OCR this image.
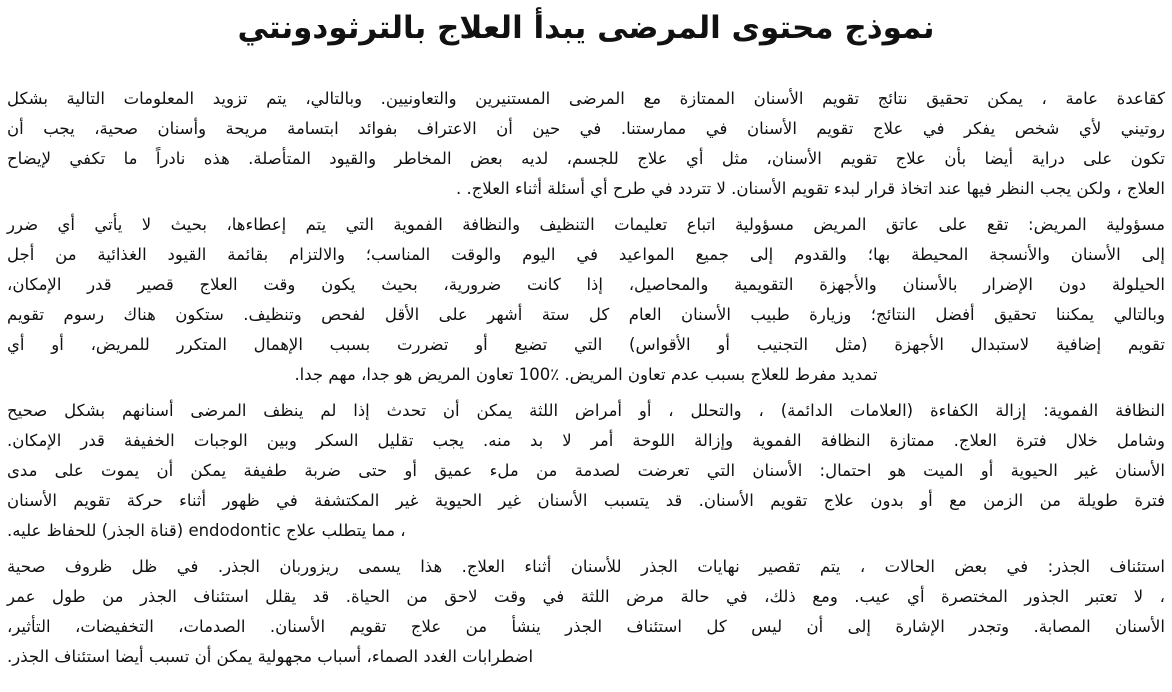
نموذج محتوى المرضى يبدأ العلاج بالترثودونتي
كقاعدة عامة ، يمكن تحقيق نتائج تقويم الأسنان الممتازة مع المرضى المستنيرين والتعاونيين. وبالتالي، يتم تزويد المعلومات التالية بشكل
روتيني لأي شخص يفكر في علاج تقويم الأسنان في ممارستنا. في حين أن الاعتراف بفوائد ابتسامة مريحة وأسنان صحية، يجب أن
تكون على دراية أيضا بأن علاج تقويم الأسنان، مثل أي علاج للجسم، لديه بعض المخاطر والقيود المتأصلة. هذه نادراً ما تكفي لإيضاح
العلاج ، ولكن يجب النظر فيها عند اتخاذ قرار لبدء تقويم الأسنان. لا تتردد في طرح أي أسئلة أثناء العلاج. .
مسؤولية المريض: تقع على عاتق المريض مسؤولية اتباع تعليمات التنظيف والنظافة الفموية التي يتم إعطاءها، بحيث لا يأتي أي ضرر
إلى الأسنان والأنسجة المحيطة بها؛ والقدوم إلى جميع المواعيد في اليوم والوقت المناسب؛ والالتزام بقائمة القيود الغذائية من أجل
الحيلولة دون الإضرار بالأسنان والأجهزة التقويمية والمحاصيل، إذا كانت ضرورية، بحيث يكون وقت العلاج قصير قدر الإمكان،
وبالتالي يمكننا تحقيق أفضل النتائج؛ وزيارة طبيب الأسنان العام كل ستة أشهر على الأقل لفحص وتنظيف. ستكون هناك رسوم تقويم
تقويم إضافية لاستبدال الأجهزة (مثل التجنيب أو الأقواس) التي تضيع أو تضررت بسبب الإهمال المتكرر للمريض، أو أي
تمديد مفرط للعلاج بسبب عدم تعاون المريض. ٪100 تعاون المريض هو جدا، مهم جدا.
النظافة الفموية: إزالة الكفاءة (العلامات الدائمة) ، والتحلل ، أو أمراض اللثة يمكن أن تحدث إذا لم ينظف المرضى أسنانهم بشكل صحيح
وشامل خلال فترة العلاج. ممتازة النظافة الفموية وإزالة اللوحة أمر لا بد منه. يجب تقليل السكر وبين الوجبات الخفيفة قدر الإمكان.
الأسنان غير الحيوية أو الميت هو احتمال: الأسنان التي تعرضت لصدمة من ملء عميق أو حتى ضربة طفيفة يمكن أن يموت على مدى
فترة طويلة من الزمن مع أو بدون علاج تقويم الأسنان. قد يتسبب الأسنان غير الحيوية غير المكتشفة في ظهور أثناء حركة تقويم الأسنان
، مما يتطلب علاج endodontic (قناة الجذر) للحفاظ عليه.
استئناف الجذر: في بعض الحالات ، يتم تقصير نهايات الجذر للأسنان أثناء العلاج. هذا يسمى ريزوربان الجذر. في ظل ظروف صحية
، لا تعتبر الجذور المختصرة أي عيب. ومع ذلك، في حالة مرض اللثة في وقت لاحق من الحياة. قد يقلل استئناف الجذر من طول عمر
الأسنان المصابة. وتجدر الإشارة إلى أن ليس كل استئناف الجذر ينشأ من علاج تقويم الأسنان. الصدمات، التخفيضات، التأثير،
اضطرابات الغدد الصماء، أسباب مجهولية يمكن أن تسبب أيضا استئناف الجذر.
